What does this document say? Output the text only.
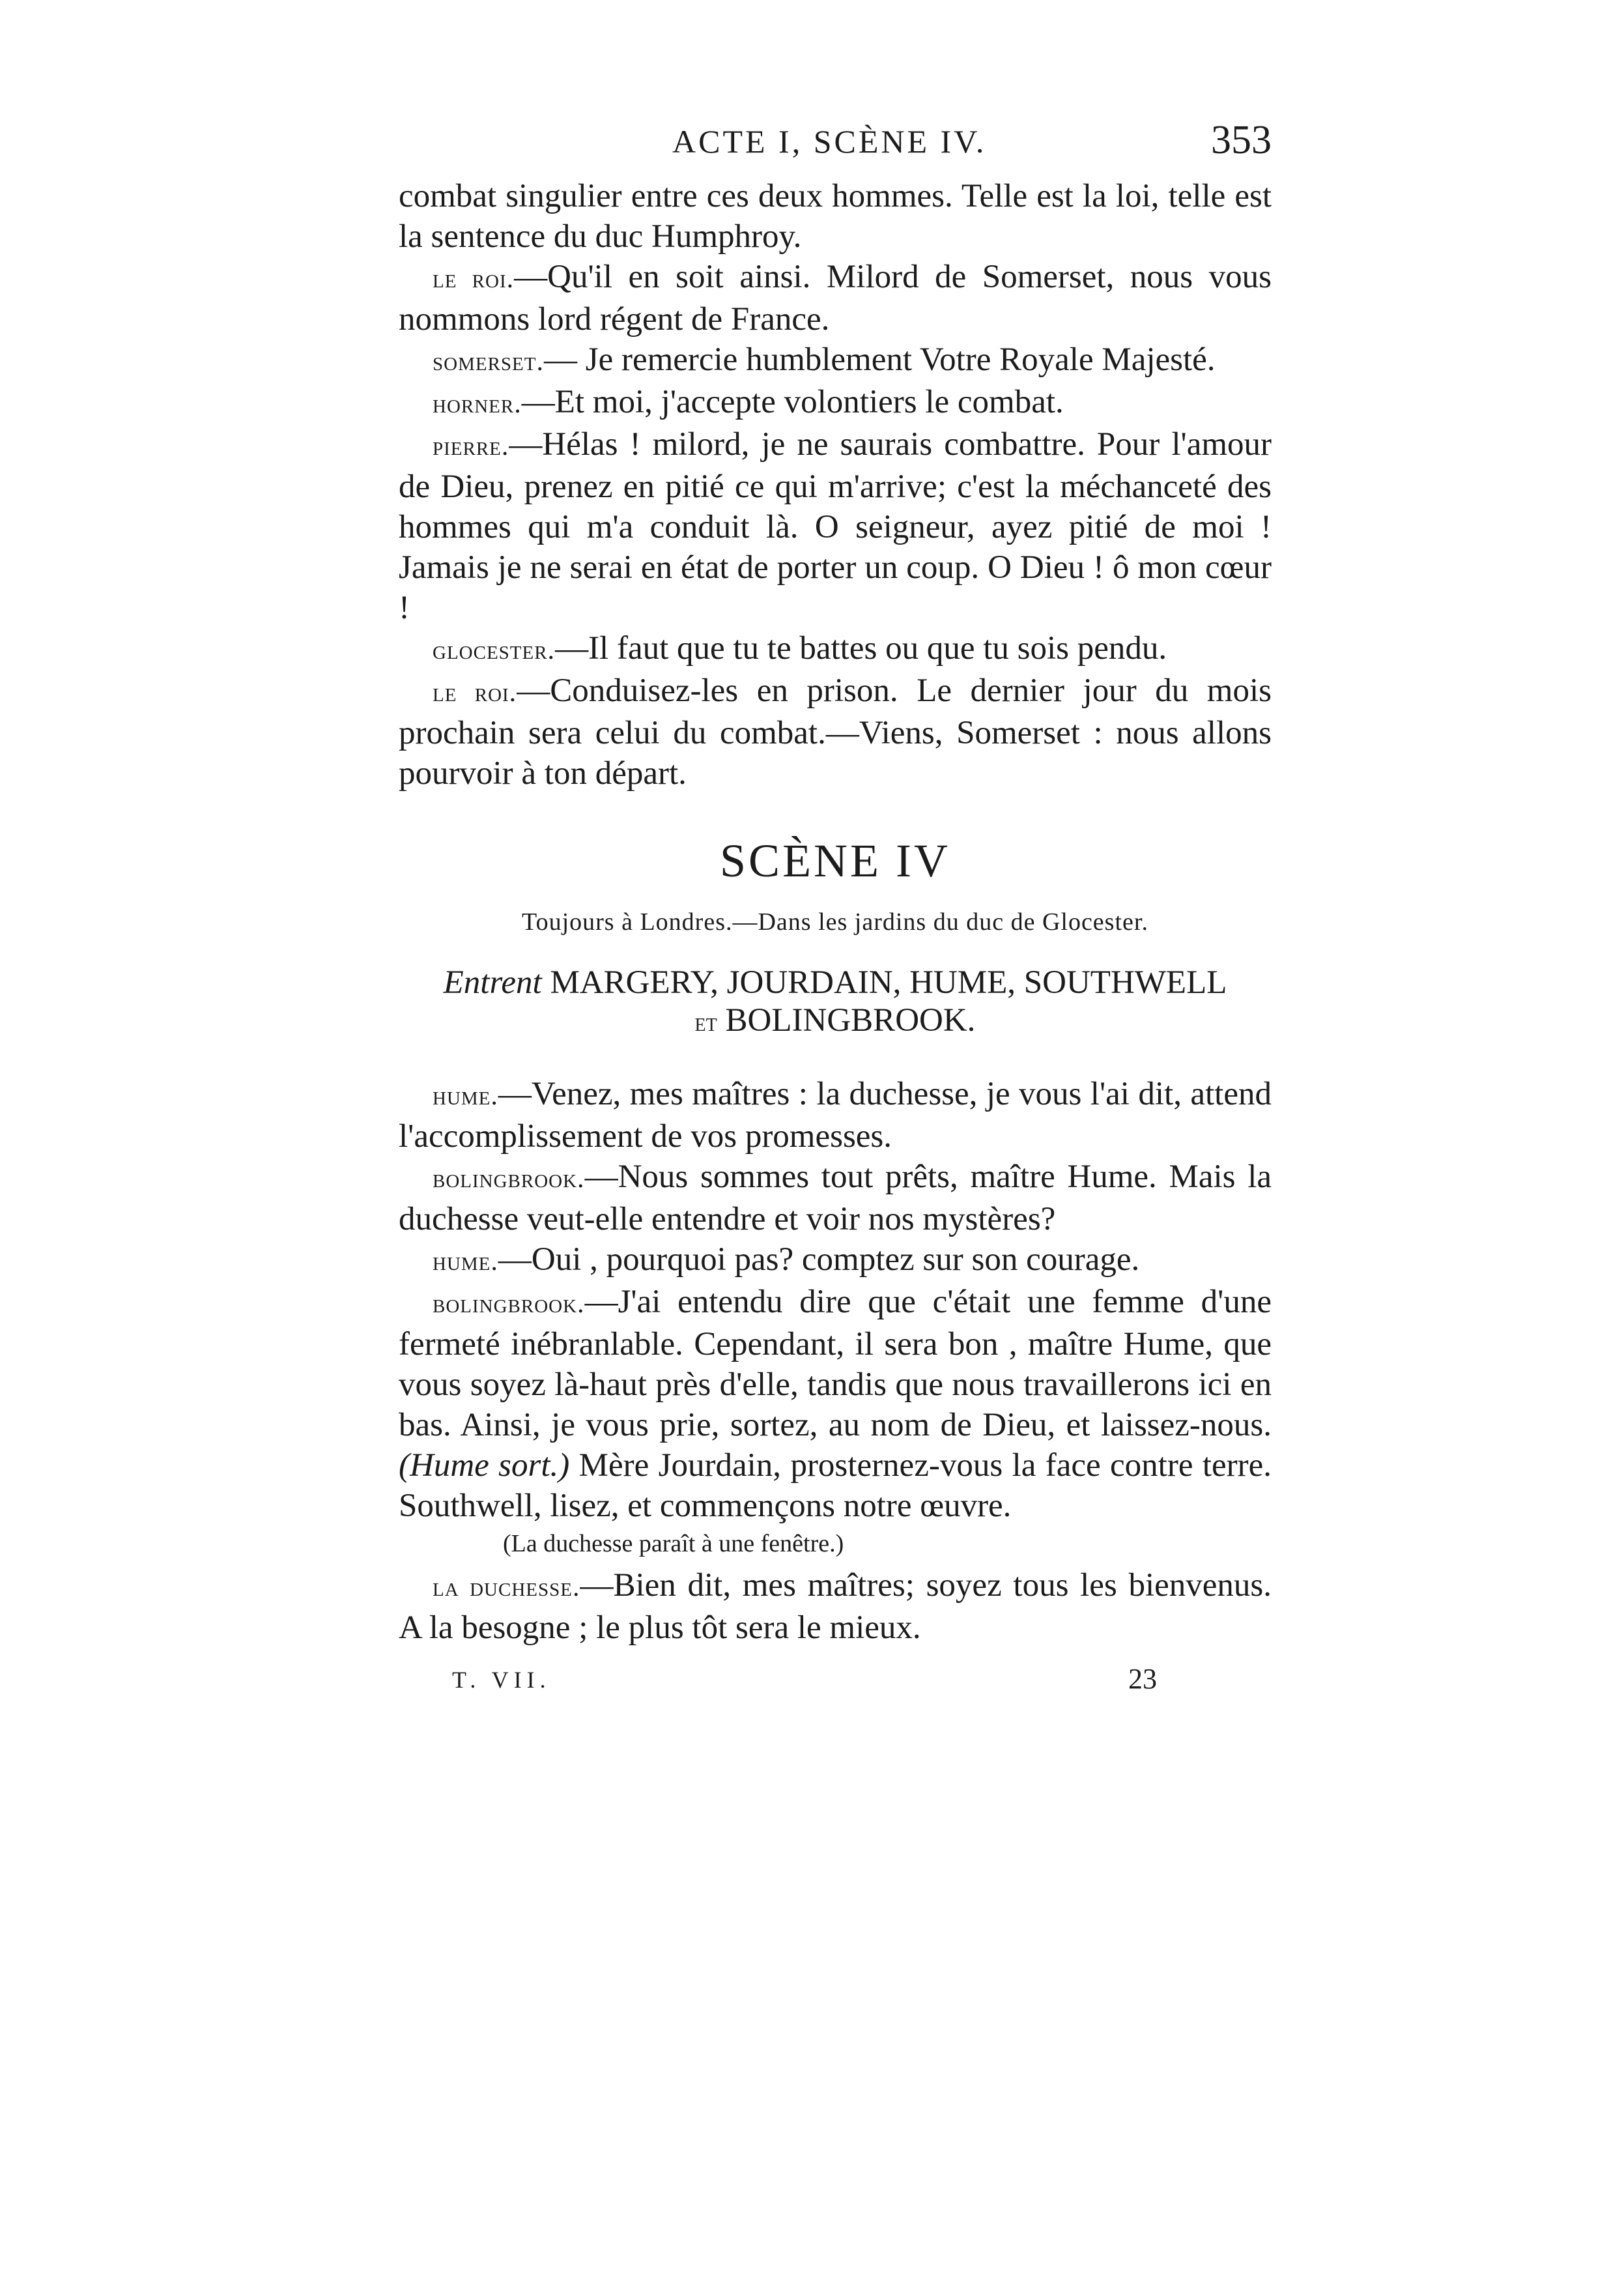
ACTE I, SCÈNE IV.	353

combat singulier entre ces deux hommes. Telle est la loi, telle est la sentence du duc Humphroy.

le roi.—Qu'il en soit ainsi. Milord de Somerset, nous vous nommons lord régent de France.

somerset.— Je remercie humblement Votre Royale Majesté.

horner.—Et moi, j'accepte volontiers le combat.

pierre.—Hélas ! milord, je ne saurais combattre. Pour l'amour de Dieu, prenez en pitié ce qui m'arrive; c'est la méchanceté des hommes qui m'a conduit là. O seigneur, ayez pitié de moi ! Jamais je ne serai en état de porter un coup. O Dieu ! ô mon cœur !

glocester.—Il faut que tu te battes ou que tu sois pendu.

le roi.—Conduisez-les en prison. Le dernier jour du mois prochain sera celui du combat.—Viens, Somerset : nous allons pourvoir à ton départ.

SCÈNE IV
Toujours à Londres.—Dans les jardins du duc de Glocester.
Entrent MARGERY, JOURDAIN, HUME, SOUTHWELL
et BOLINGBROOK.

hume.—Venez, mes maîtres : la duchesse, je vous l'ai dit, attend l'accomplissement de vos promesses.

bolingbrook.—Nous sommes tout prêts, maître Hume. Mais la duchesse veut-elle entendre et voir nos mystères?

hume.—Oui , pourquoi pas? comptez sur son courage.

bolingbrook.—J'ai entendu dire que c'était une femme d'une fermeté inébranlable. Cependant, il sera bon , maître Hume, que vous soyez là-haut près d'elle, tandis que nous travaillerons ici en bas. Ainsi, je vous prie, sortez, au nom de Dieu, et laissez-nous. (Hume sort.) Mère Jourdain, prosternez-vous la face contre terre. Southwell, lisez, et commençons notre œuvre.

(La duchesse paraît à une fenêtre.)

la duchesse.—Bien dit, mes maîtres; soyez tous les bienvenus. A la besogne ; le plus tôt sera le mieux.

T. VII.	23
